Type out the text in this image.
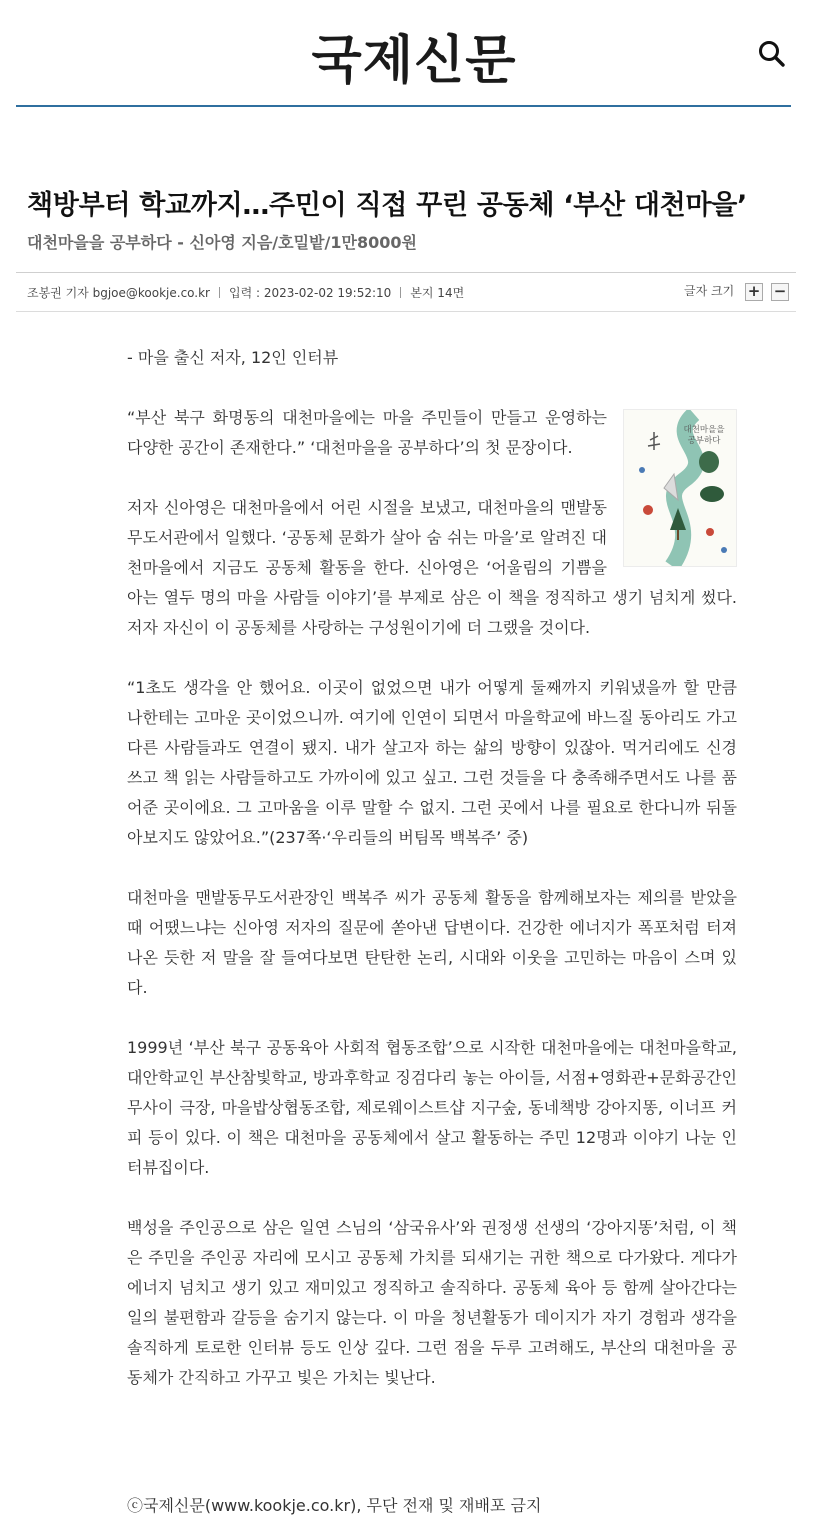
국제신문
책방부터 학교까지…주민이 직접 꾸린 공동체 ‘부산 대천마을’
대천마을을 공부하다 - 신아영 지음/호밀밭/1만8000원
조봉권 기자 bgjoe@kookje.co.kr 입력 : 2023-02-02 19:52:10 본지 14면	글자 크기 + −

- 마을 출신 저자, 12인 인터뷰

대천마을을
공부하다

“부산 북구 화명동의 대천마을에는 마을 주민들이 만들고 운영하는 다양한 공간이 존재한다.” ‘대천마을을 공부하다’의 첫 문장이다.

저자 신아영은 대천마을에서 어린 시절을 보냈고, 대천마을의 맨발동무도서관에서 일했다. ‘공동체 문화가 살아 숨 쉬는 마을’로 알려진 대천마을에서 지금도 공동체 활동을 한다. 신아영은 ‘어울림의 기쁨을 아는 열두 명의 마을 사람들 이야기’를 부제로 삼은 이 책을 정직하고 생기 넘치게 썼다. 저자 자신이 이 공동체를 사랑하는 구성원이기에 더 그랬을 것이다.

“1초도 생각을 안 했어요. 이곳이 없었으면 내가 어떻게 둘째까지 키워냈을까 할 만큼 나한테는 고마운 곳이었으니까. 여기에 인연이 되면서 마을학교에 바느질 동아리도 가고 다른 사람들과도 연결이 됐지. 내가 살고자 하는 삶의 방향이 있잖아. 먹거리에도 신경 쓰고 책 읽는 사람들하고도 가까이에 있고 싶고. 그런 것들을 다 충족해주면서도 나를 품어준 곳이에요. 그 고마움을 이루 말할 수 없지. 그런 곳에서 나를 필요로 한다니까 뒤돌아보지도 않았어요.”(237쪽·‘우리들의 버팀목 백복주’ 중)

대천마을 맨발동무도서관장인 백복주 씨가 공동체 활동을 함께해보자는 제의를 받았을 때 어땠느냐는 신아영 저자의 질문에 쏟아낸 답변이다. 건강한 에너지가 폭포처럼 터져 나온 듯한 저 말을 잘 들여다보면 탄탄한 논리, 시대와 이웃을 고민하는 마음이 스며 있다.

1999년 ‘부산 북구 공동육아 사회적 협동조합’으로 시작한 대천마을에는 대천마을학교, 대안학교인 부산참빛학교, 방과후학교 징검다리 놓는 아이들, 서점+영화관+문화공간인 무사이 극장, 마을밥상협동조합, 제로웨이스트샵 지구숲, 동네책방 강아지똥, 이너프 커피 등이 있다. 이 책은 대천마을 공동체에서 살고 활동하는 주민 12명과 이야기 나눈 인터뷰집이다.

백성을 주인공으로 삼은 일연 스님의 ‘삼국유사’와 권정생 선생의 ‘강아지똥’처럼, 이 책은 주민을 주인공 자리에 모시고 공동체 가치를 되새기는 귀한 책으로 다가왔다. 게다가 에너지 넘치고 생기 있고 재미있고 정직하고 솔직하다. 공동체 육아 등 함께 살아간다는 일의 불편함과 갈등을 숨기지 않는다. 이 마을 청년활동가 데이지가 자기 경험과 생각을 솔직하게 토로한 인터뷰 등도 인상 깊다. 그런 점을 두루 고려해도, 부산의 대천마을 공동체가 간직하고 가꾸고 빛은 가치는 빛난다.

ⓒ국제신문(www.kookje.co.kr), 무단 전재 및 재배포 금지
